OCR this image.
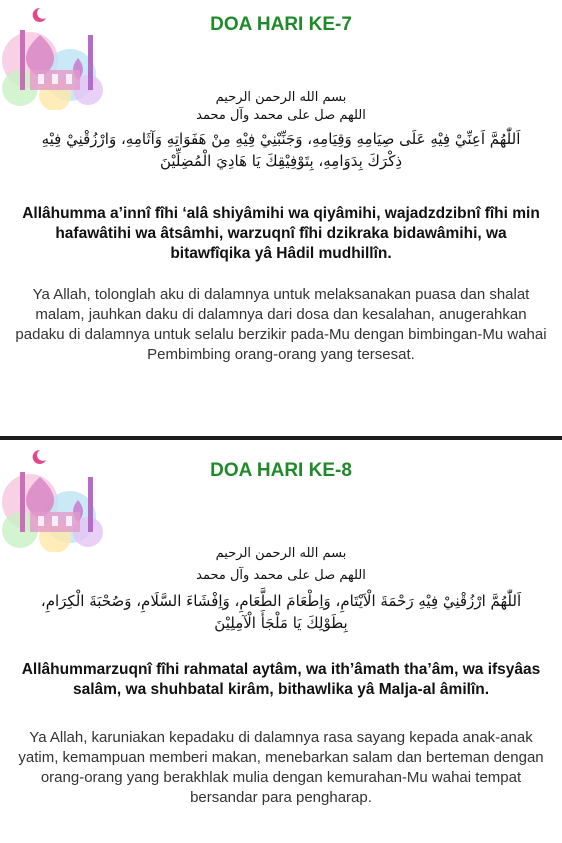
DOA HARI KE-7
بسم الله الرحمن الرحيم
اللهم صل على محمد وآل محمد
اَللّٰهُمَّ اَعِنِّيْ فِيْهِ عَلَى صِيَامِهِ وَقِيَامِهِ، وَجَنِّبْنِيْ فِيْهِ مِنْ هَفَوَاتِهِ وَآثَامِهِ، وَارْزُقْنِيْ فِيْهِ ذِكْرَكَ بِدَوَامِهِ، بِتَوْفِيْقِكَ يَا هَادِيَ الْمُضِلِّيْنَ
Allâhumma a’innî fîhi ‘alâ shiyâmihi wa qiyâmihi, wajadzdzibnî fîhi min hafawâtihi wa âtsâmhi, warzuqnî fîhi dzikraka bidawâmihi, wa bitawfîqika yâ Hâdil mudhillîn.
Ya Allah, tolonglah aku di dalamnya untuk melaksanakan puasa dan shalat malam, jauhkan daku di dalamnya dari dosa dan kesalahan, anugerahkan padaku di dalamnya untuk selalu berzikir pada-Mu dengan bimbingan-Mu wahai Pembimbing orang-orang yang tersesat.
DOA HARI KE-8
بسم الله الرحمن الرحيم
اللهم صل على محمد وآل محمد
اَللّٰهُمَّ ارْزُقْنِيْ فِيْهِ رَحْمَةَ الْاَيْتَامِ، وَاِطْعَامَ الطَّعَامِ، وَاِفْشَاءَ السَّلَامِ، وَصُحْبَةَ الْكِرَامِ، بِطَوْلِكَ يَا مَلْجَأَ الْآمِلِيْنَ
Allâhummarzuqnî fîhi rahmatal aytâm, wa ith’âmath tha’âm, wa ifsyâas salâm, wa shuhbatal kirâm, bithawlika yâ Malja-al âmilîn.
Ya Allah, karuniakan kepadaku di dalamnya rasa sayang kepada anak-anak yatim, kemampuan memberi makan, menebarkan salam dan berteman dengan orang-orang yang berakhlak mulia dengan kemurahan-Mu wahai tempat bersandar para pengharap.
